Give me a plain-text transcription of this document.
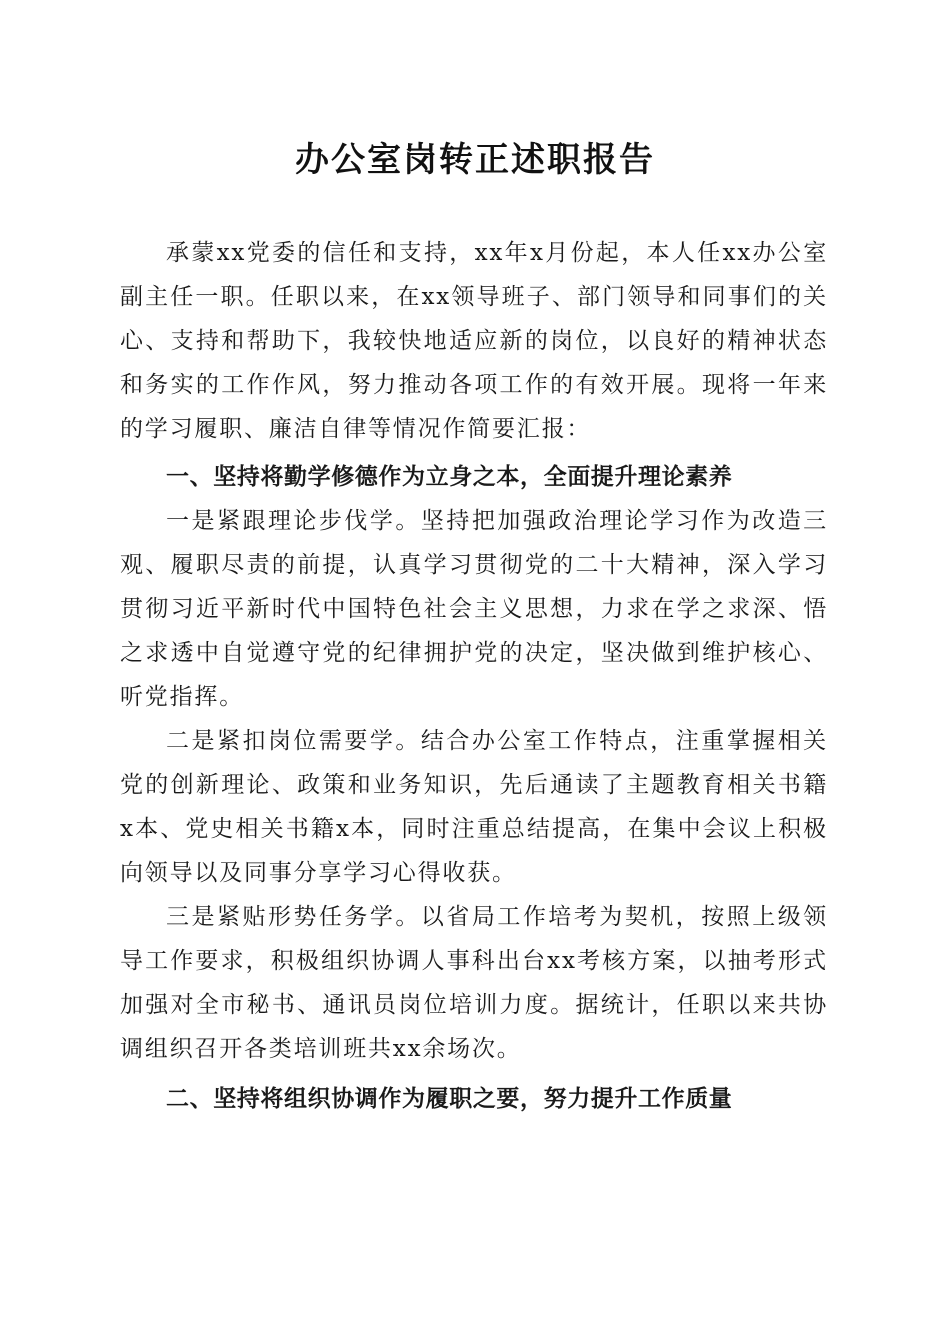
办公室岗转正述职报告

承蒙xx党委的信任和支持，xx年x月份起，本人任xx办公室副主任一职。任职以来，在xx领导班子、部门领导和同事们的关心、支持和帮助下，我较快地适应新的岗位，以良好的精神状态和务实的工作作风，努力推动各项工作的有效开展。现将一年来的学习履职、廉洁自律等情况作简要汇报：

一、坚持将勤学修德作为立身之本，全面提升理论素养

一是紧跟理论步伐学。坚持把加强政治理论学习作为改造三观、履职尽责的前提，认真学习贯彻党的二十大精神，深入学习贯彻习近平新时代中国特色社会主义思想，力求在学之求深、悟之求透中自觉遵守党的纪律拥护党的决定，坚决做到维护核心、听党指挥。

二是紧扣岗位需要学。结合办公室工作特点，注重掌握相关党的创新理论、政策和业务知识，先后通读了主题教育相关书籍x本、党史相关书籍x本，同时注重总结提高，在集中会议上积极向领导以及同事分享学习心得收获。

三是紧贴形势任务学。以省局工作培考为契机，按照上级领导工作要求，积极组织协调人事科出台xx考核方案，以抽考形式加强对全市秘书、通讯员岗位培训力度。据统计，任职以来共协调组织召开各类培训班共xx余场次。

二、坚持将组织协调作为履职之要，努力提升工作质量
